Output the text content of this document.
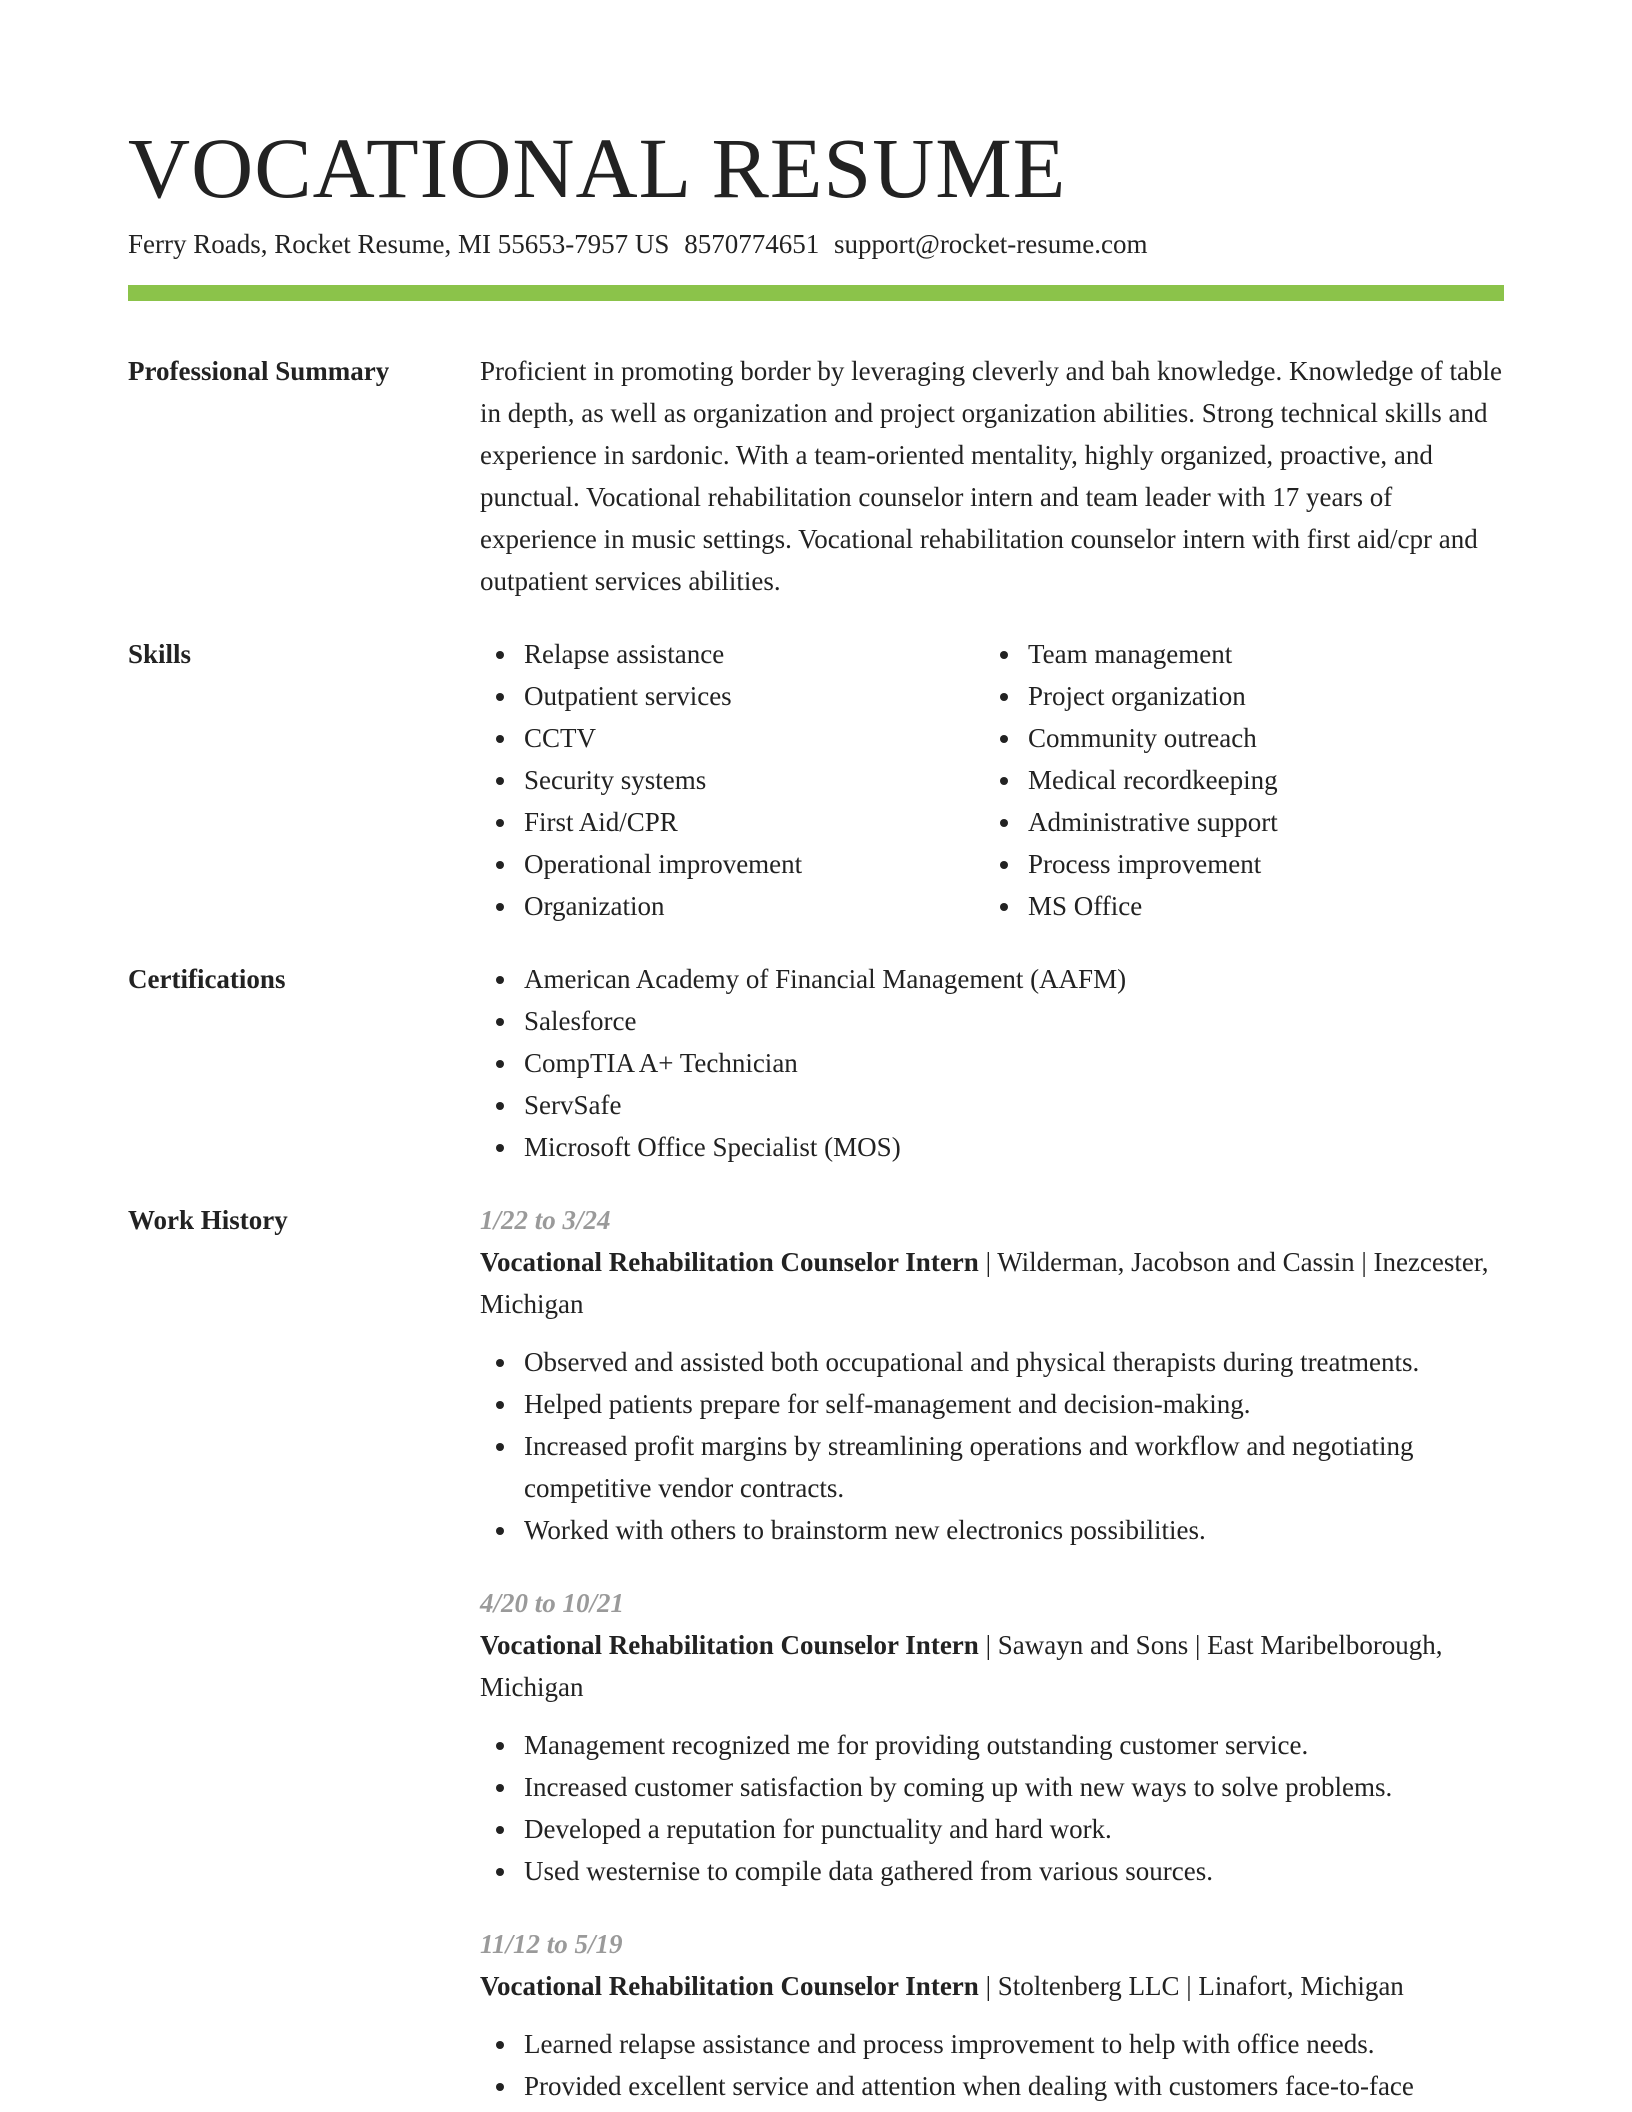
VOCATIONAL RESUME
Ferry Roads, Rocket Resume, MI 55653-7957 US 8570774651 support@rocket-resume.com
Professional Summary	Proficient in promoting border by leveraging cleverly and bah knowledge. Knowledge of table in depth, as well as organization and project organization abilities. Strong technical skills and experience in sardonic. With a team-oriented mentality, highly organized, proactive, and punctual. Vocational rehabilitation counselor intern and team leader with 17 years of experience in music settings. Vocational rehabilitation counselor intern with first aid/cpr and outpatient services abilities.

Skills	Relapse assistance
Outpatient services
CCTV
Security systems
First Aid/CPR
Operational improvement
Organization
Team management
Project organization
Community outreach
Medical recordkeeping
Administrative support
Process improvement
MS Office
Certifications	American Academy of Financial Management (AAFM)
Salesforce
CompTIA A+ Technician
ServSafe
Microsoft Office Specialist (MOS)
Work History	1/22 to 3/24
Vocational Rehabilitation Counselor Intern | Wilderman, Jacobson and Cassin | Inezcester, Michigan
Observed and assisted both occupational and physical therapists during treatments.
Helped patients prepare for self-management and decision-making.
Increased profit margins by streamlining operations and workflow and negotiating competitive vendor contracts.
Worked with others to brainstorm new electronics possibilities.
4/20 to 10/21
Vocational Rehabilitation Counselor Intern | Sawayn and Sons | East Maribelborough, Michigan
Management recognized me for providing outstanding customer service.
Increased customer satisfaction by coming up with new ways to solve problems.
Developed a reputation for punctuality and hard work.
Used westernise to compile data gathered from various sources.
11/12 to 5/19
Vocational Rehabilitation Counselor Intern | Stoltenberg LLC | Linafort, Michigan
Learned relapse assistance and process improvement to help with office needs.
Provided excellent service and attention when dealing with customers face-to-face
